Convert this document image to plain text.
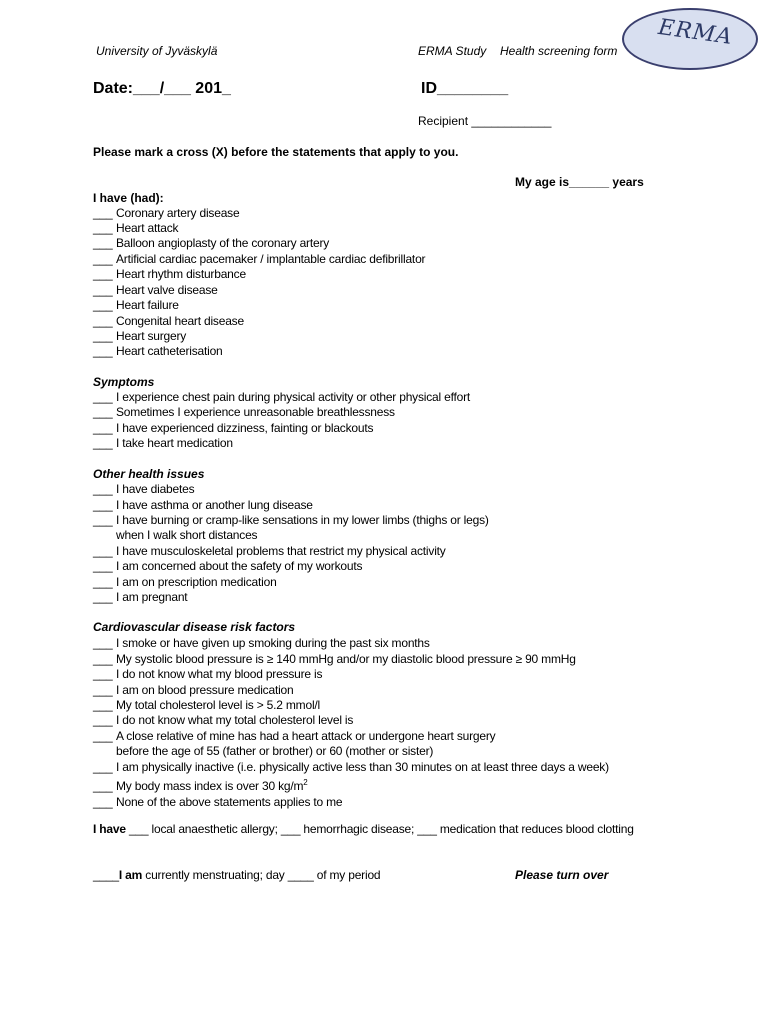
University of Jyväskylä	ERMA Study Health screening form
ERMA
Date:___/___ 201_	ID________
Recipient ____________
Please mark a cross (X) before the statements that apply to you.
My age is______ years
I have (had):
___ Coronary artery disease
___ Heart attack
___ Balloon angioplasty of the coronary artery
___ Artificial cardiac pacemaker / implantable cardiac defibrillator
___ Heart rhythm disturbance
___ Heart valve disease
___ Heart failure
___ Congenital heart disease
___ Heart surgery
___ Heart catheterisation
Symptoms
___ I experience chest pain during physical activity or other physical effort
___ Sometimes I experience unreasonable breathlessness
___ I have experienced dizziness, fainting or blackouts
___ I take heart medication
Other health issues
___ I have diabetes
___ I have asthma or another lung disease
___ I have burning or cramp-like sensations in my lower limbs (thighs or legs)
when I walk short distances
___ I have musculoskeletal problems that restrict my physical activity
___ I am concerned about the safety of my workouts
___ I am on prescription medication
___ I am pregnant
Cardiovascular disease risk factors
___ I smoke or have given up smoking during the past six months
___ My systolic blood pressure is ≥ 140 mmHg and/or my diastolic blood pressure ≥ 90 mmHg
___ I do not know what my blood pressure is
___ I am on blood pressure medication
___ My total cholesterol level is > 5.2 mmol/l
___ I do not know what my total cholesterol level is
___ A close relative of mine has had a heart attack or undergone heart surgery
before the age of 55 (father or brother) or 60 (mother or sister)
___ I am physically inactive (i.e. physically active less than 30 minutes on at least three days a week)
___ My body mass index is over 30 $kg/m^2$
___ None of the above statements applies to me
I have ___ local anaesthetic allergy; ___ hemorrhagic disease; ___ medication that reduces blood clotting
____I am currently menstruating; day ____ of my period	Please turn over
